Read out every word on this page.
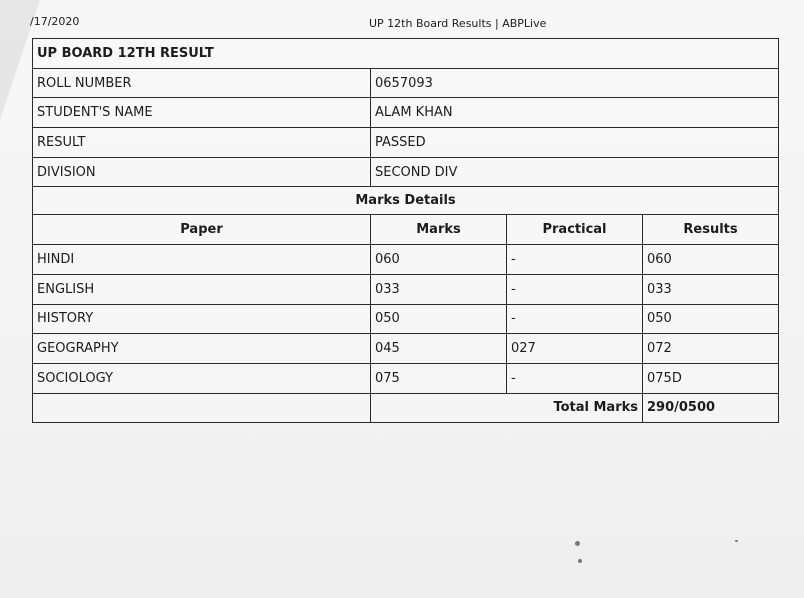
/17/2020	UP 12th Board Results | ABPLive
UP BOARD 12TH RESULT			
ROLL NUMBER	0657093		
STUDENT'S NAME	ALAM KHAN		
RESULT	PASSED		
DIVISION	SECOND DIV		
Marks Details			
Paper	Marks	Practical	Results
HINDI	060	-	060
ENGLISH	033	-	033
HISTORY	050	-	050
GEOGRAPHY	045	027	072
SOCIOLOGY	075	-	075D
	Total Marks		290/0500
